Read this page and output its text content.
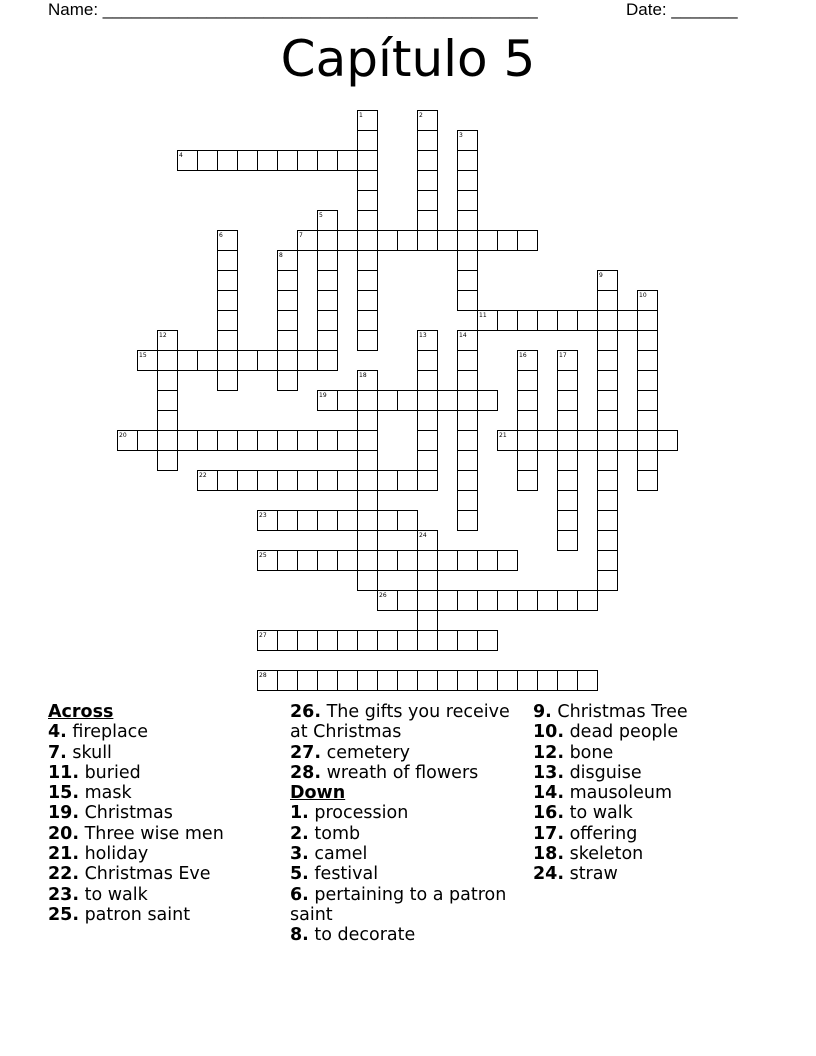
Name: ______________________________________________	Date: _______
Capítulo 5
1	2
3
4
5
6	7
8
9
10
11
12	13	14
15	16	17
18
19
20	21
22
23
24
25
26
27
28
Across

4. fireplace

7. skull

11. buried

15. mask

19. Christmas

20. Three wise men

21. holiday

22. Christmas Eve

23. to walk

25. patron saint

26. The gifts you receive at Christmas

27. cemetery

28. wreath of flowers

Down

1. procession

2. tomb

3. camel

5. festival

6. pertaining to a patron saint

8. to decorate

9. Christmas Tree

10. dead people

12. bone

13. disguise

14. mausoleum

16. to walk

17. offering

18. skeleton

24. straw
